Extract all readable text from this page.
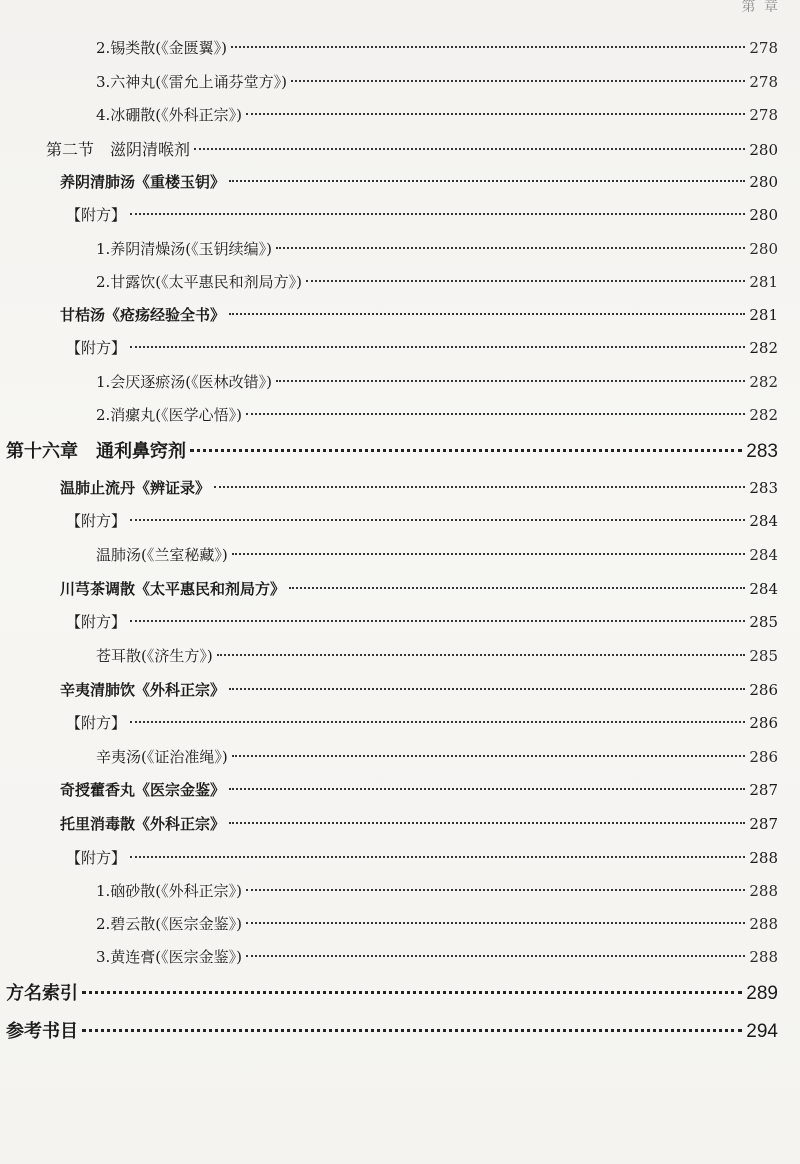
第 章
2.锡类散(《金匮翼》)	278
3.六神丸(《雷允上诵芬堂方》)	278
4.冰硼散(《外科正宗》)	278
第二节　滋阴清喉剂	280
养阴清肺汤《重楼玉钥》	280
【附方】	280
1.养阴清燥汤(《玉钥续编》)	280
2.甘露饮(《太平惠民和剂局方》)	281
甘桔汤《疮疡经验全书》	281
【附方】	282
1.会厌逐瘀汤(《医林改错》)	282
2.消瘰丸(《医学心悟》)	282
第十六章　通利鼻窍剂	283
温肺止流丹《辨证录》	283
【附方】	284
温肺汤(《兰室秘藏》)	284
川芎茶调散《太平惠民和剂局方》	284
【附方】	285
苍耳散(《济生方》)	285
辛夷清肺饮《外科正宗》	286
【附方】	286
辛夷汤(《证治准绳》)	286
奇授藿香丸《医宗金鉴》	287
托里消毒散《外科正宗》	287
【附方】	288
1.硇砂散(《外科正宗》)	288
2.碧云散(《医宗金鉴》)	288
3.黄连膏(《医宗金鉴》)	288
方名索引	289
参考书目	294
